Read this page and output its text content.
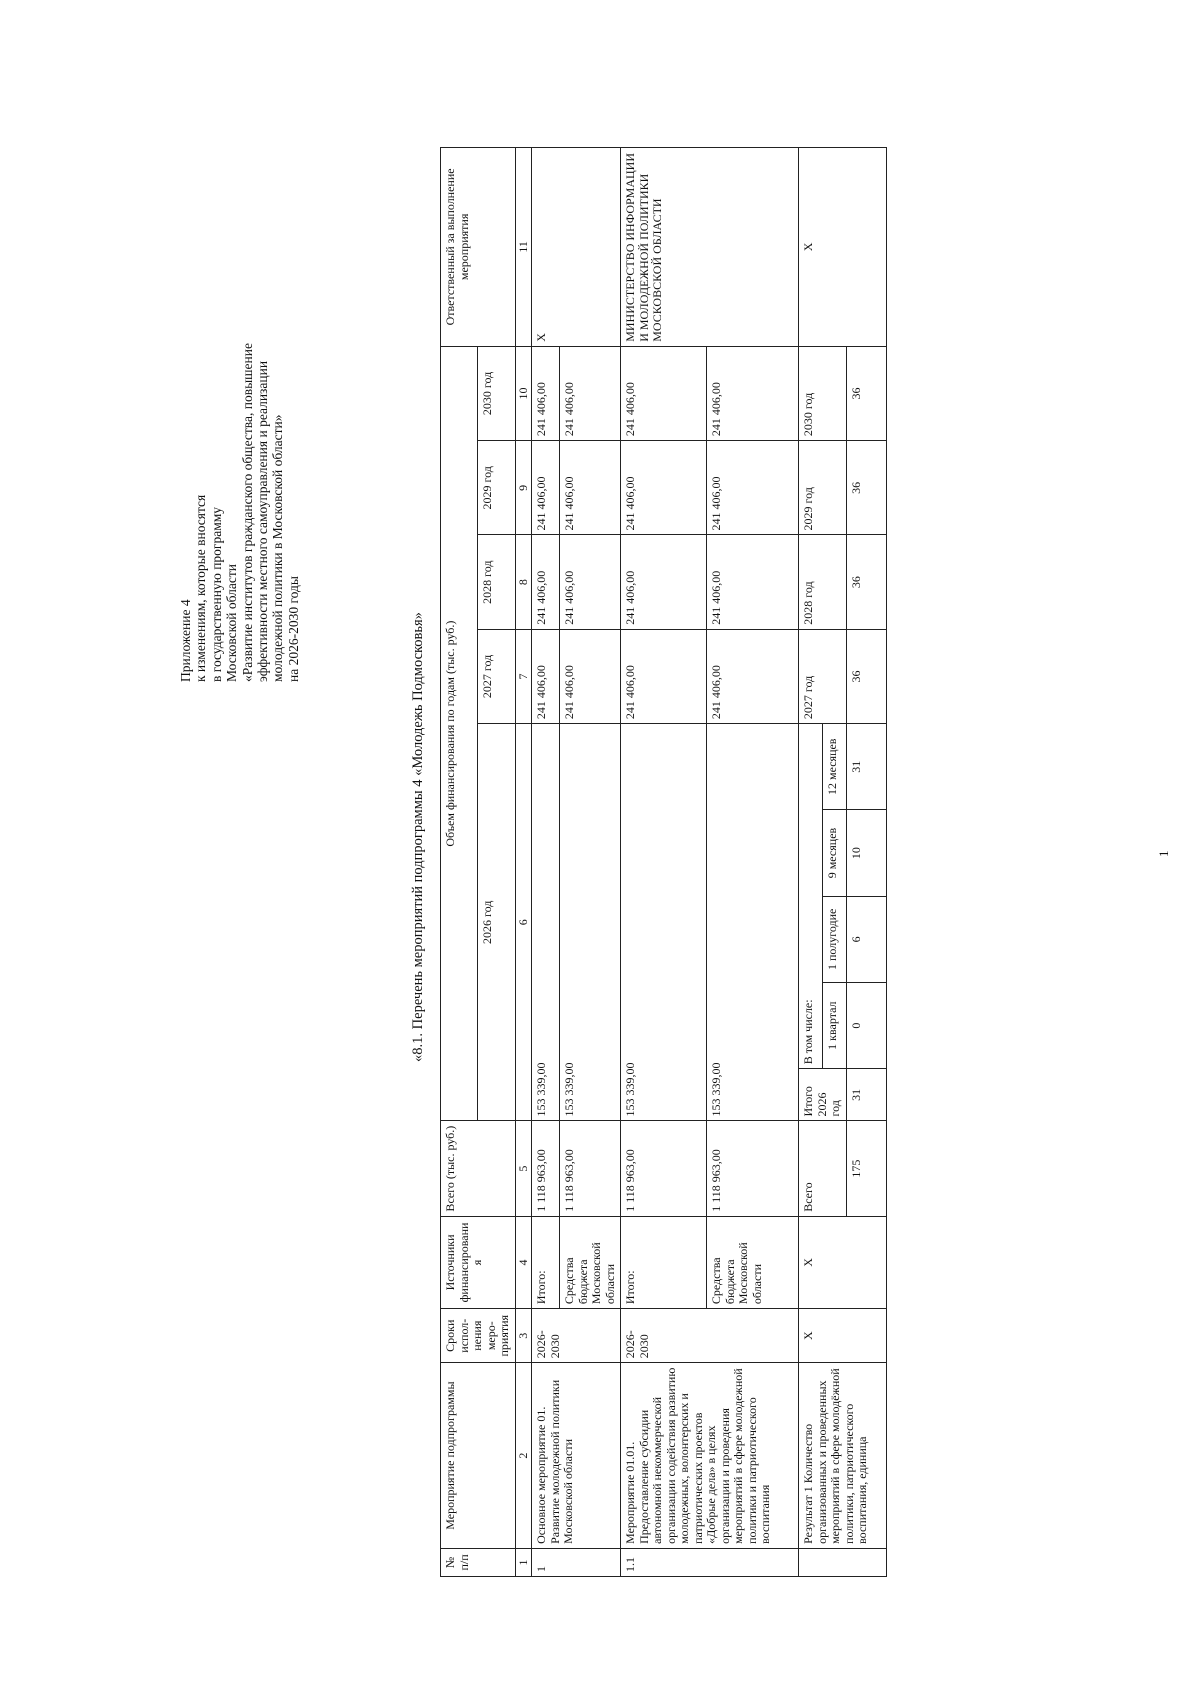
Приложение 4 к изменениям, которые вносятся в государственную программу Московской области «Развитие институтов гражданского общества, повышение эффективности местного самоуправления и реализации молодежной политики в Московской области» на 2026-2030 годы	«8.1. Перечень мероприятий подпрограммы 4 «Молодежь Подмосковья»
№ п/п	Мероприятие подпрограммы	Сроки испол-нения меро-приятия	Источники финансирования	Всего (тыс. руб.)	Объем финансирования по годам (тыс. руб.)									Ответственный за выполнение мероприятия
					2026 год					2027 год	2028 год	2029 год	2030 год	
1	2	3	4	5	6					7	8	9	10	11
1	Основное мероприятие 01. Развитие молодежной политики Московской области	2026-2030	Итого:	1 118 963,00	153 339,00					241 406,00	241 406,00	241 406,00	241 406,00	Х
			Средства бюджета Московской области	1 118 963,00	153 339,00					241 406,00	241 406,00	241 406,00	241 406,00	
1.1	Мероприятие 01.01. Предоставление субсидии автономной некоммерческой организации содействия развитию молодежных, волонтерских и патриотических проектов «Добрые дела» в целях организации и проведения мероприятий в сфере молодежной политики и патриотического воспитания	2026-2030	Итого:	1 118 963,00	153 339,00					241 406,00	241 406,00	241 406,00	241 406,00	МИНИСТЕРСТВО ИНФОРМАЦИИ И МОЛОДЕЖНОЙ ПОЛИТИКИ МОСКОВСКОЙ ОБЛАСТИ
			Средства бюджета Московской области	1 118 963,00	153 339,00					241 406,00	241 406,00	241 406,00	241 406,00	
	Результат 1 Количество организованных и проведенных мероприятий в сфере молодёжной политики, патриотического воспитания, единица	Х	Х	Всего	Итого 2026 год	В том числе:				2027 год	2028 год	2029 год	2030 год	Х
						1 квартал	1 полугодие	9 месяцев	12 месяцев					
				175	31	0	6	10	31	36	36	36	36	
1
